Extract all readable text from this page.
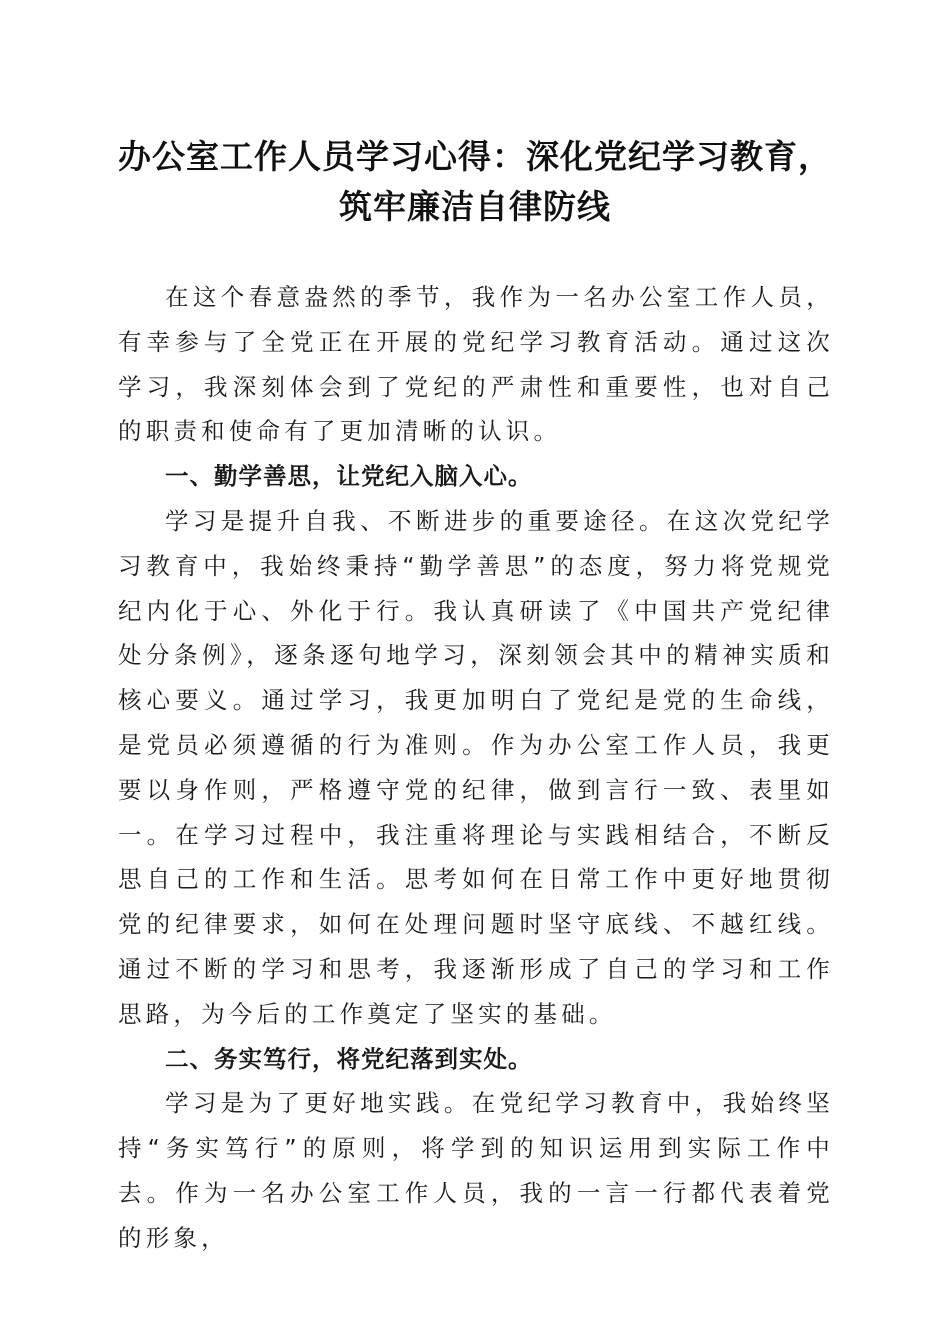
办公室工作人员学习心得：深化党纪学习教育，
筑牢廉洁自律防线

在这个春意盎然的季节，我作为一名办公室工作人员，有幸参与了全党正在开展的党纪学习教育活动。通过这次学习，我深刻体会到了党纪的严肃性和重要性，也对自己的职责和使命有了更加清晰的认识。

一、勤学善思，让党纪入脑入心。

学习是提升自我、不断进步的重要途径。在这次党纪学习教育中，我始终秉持“勤学善思”的态度，努力将党规党纪内化于心、外化于行。我认真研读了《中国共产党纪律处分条例》，逐条逐句地学习，深刻领会其中的精神实质和核心要义。通过学习，我更加明白了党纪是党的生命线，是党员必须遵循的行为准则。作为办公室工作人员，我更要以身作则，严格遵守党的纪律，做到言行一致、表里如一。在学习过程中，我注重将理论与实践相结合，不断反思自己的工作和生活。思考如何在日常工作中更好地贯彻党的纪律要求，如何在处理问题时坚守底线、不越红线。通过不断的学习和思考，我逐渐形成了自己的学习和工作思路，为今后的工作奠定了坚实的基础。

二、务实笃行，将党纪落到实处。

学习是为了更好地实践。在党纪学习教育中，我始终坚持“务实笃行”的原则，将学到的知识运用到实际工作中去。作为一名办公室工作人员，我的一言一行都代表着党的形象，
